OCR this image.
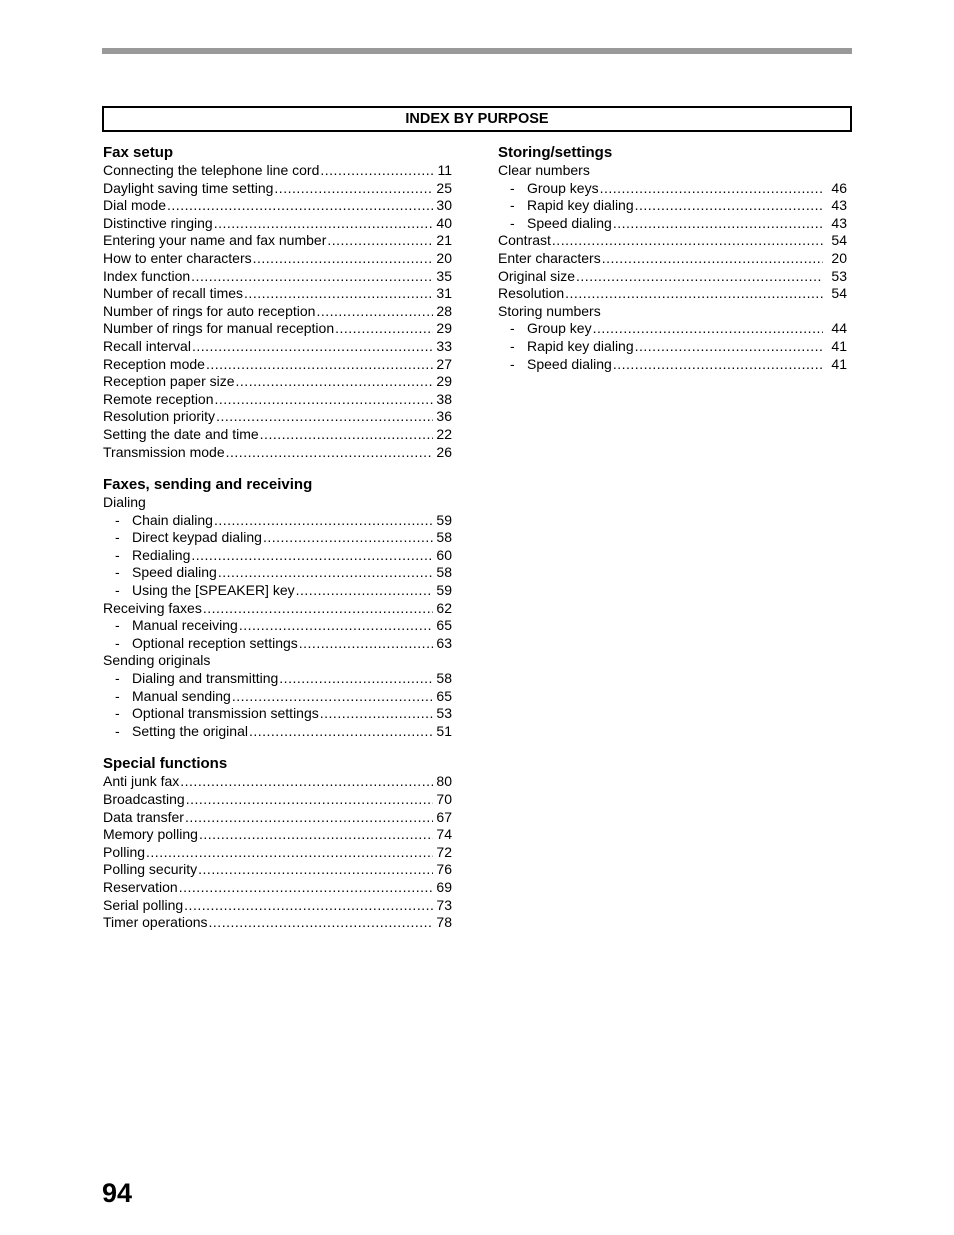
INDEX BY PURPOSE
Fax setup
Connecting the telephone line cord .....	11
Daylight saving time setting .....	25
Dial mode .....	30
Distinctive ringing .....	40
Entering your name and fax number .....	21
How to enter characters .....	20
Index function .....	35
Number of recall times .....	31
Number of rings for auto reception .....	28
Number of rings for manual reception .....	29
Recall interval .....	33
Reception mode .....	27
Reception paper size .....	29
Remote reception .....	38
Resolution priority .....	36
Setting the date and time .....	22
Transmission mode .....	26
Faxes, sending and receiving
Dialing
- Chain dialing .....	59
- Direct keypad dialing .....	58
- Redialing .....	60
- Speed dialing .....	58
- Using the [SPEAKER] key .....	59
Receiving faxes .....	62
- Manual receiving .....	65
- Optional reception settings .....	63
Sending originals
- Dialing and transmitting .....	58
- Manual sending .....	65
- Optional transmission settings .....	53
- Setting the original .....	51
Special functions
Anti junk fax .....	80
Broadcasting .....	70
Data transfer .....	67
Memory polling .....	74
Polling .....	72
Polling security .....	76
Reservation .....	69
Serial polling .....	73
Timer operations .....	78
Storing/settings
Clear numbers
- Group keys .....	46
- Rapid key dialing .....	43
- Speed dialing .....	43
Contrast .....	54
Enter characters .....	20
Original size .....	53
Resolution .....	54
Storing numbers
- Group key .....	44
- Rapid key dialing .....	41
- Speed dialing .....	41
94
